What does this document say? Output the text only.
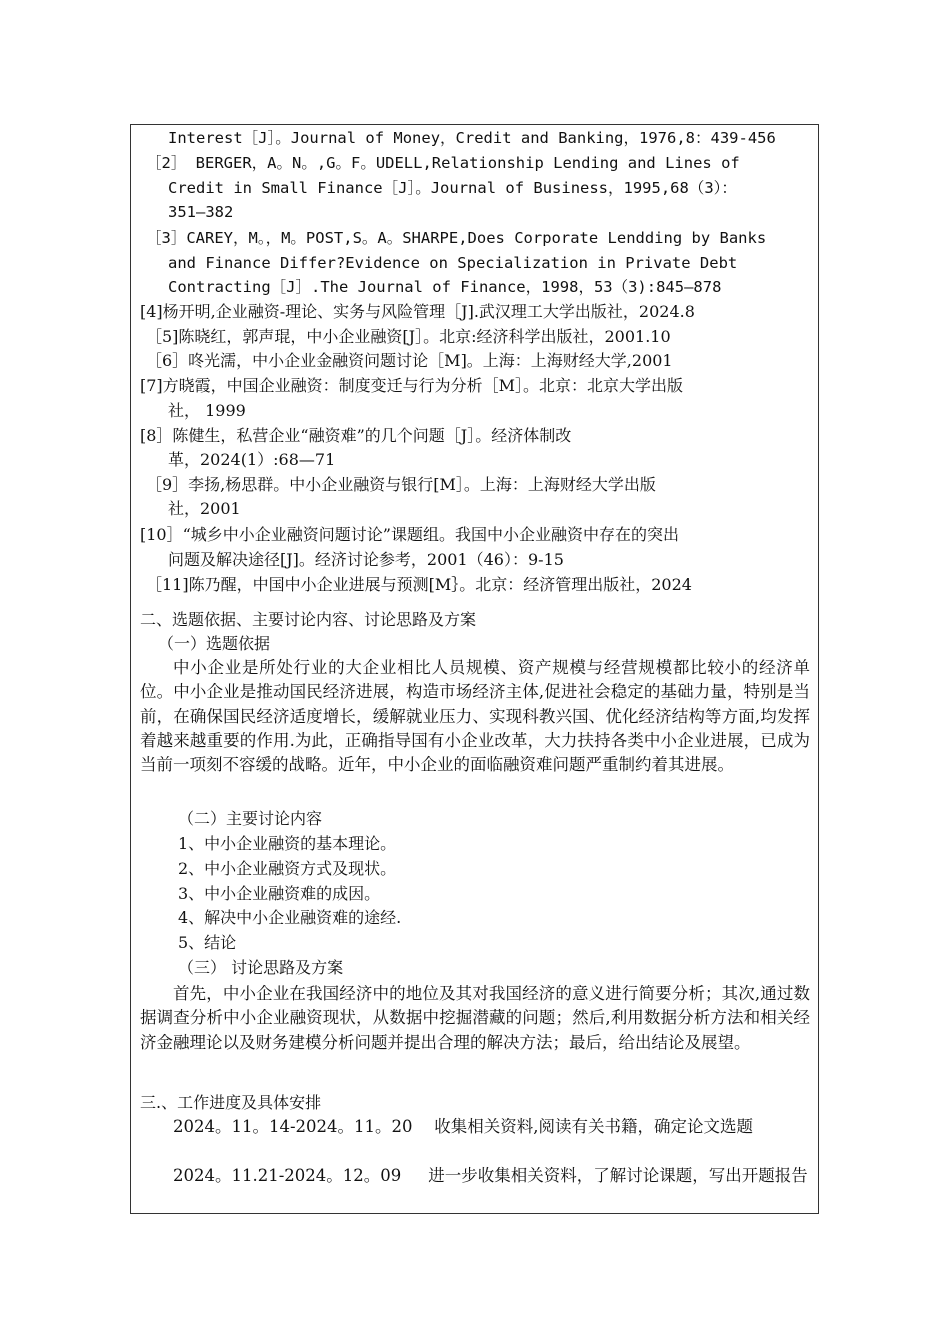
Interest［J］。Journal of Money，Credit and Banking，1976,8：439-456
［2］ BERGER，A。N。,G。F。UDELL,Relationship Lending and Lines of
Credit in Small Finance［J］。Journal of Business，1995,68（3）：
351—382
［3］CAREY，M。，M。POST,S。A。SHARPE,Does Corporate Lendding by Banks
and Finance Differ?Evidence on Specialization in Private Debt
Contracting［J］.The Journal of Finance，1998，53（3):845—878
[4]杨开明,企业融资-理论、实务与风险管理［J].武汉理工大学出版社，2024.8
［5]陈晓红，郭声琨，中小企业融资[J］。北京:经济科学出版社，2001.10
［6］咚光濡，中小企业金融资问题讨论［M]。上海：上海财经大学,2001
[7]方晓霞，中国企业融资：制度变迁与行为分析［M］。北京：北京大学出版
社， 1999
[8］陈健生，私营企业“融资难”的几个问题［J］。经济体制改
革，2024(1）:68—71
［9］李扬,杨思群。中小企业融资与银行[M］。上海：上海财经大学出版
社，2001
[10］“城乡中小企业融资问题讨论”课题组。我国中小企业融资中存在的突出
问题及解决途径[J]。经济讨论参考，2001（46）：9-15
［11]陈乃醒，中国中小企业进展与预测[M｝。北京：经济管理出版社，2024
二、选题依据、主要讨论内容、讨论思路及方案
（一）选题依据
中小企业是所处行业的大企业相比人员规模、资产规模与经营规模都比较小的经济单位。中小企业是推动国民经济进展，构造市场经济主体,促进社会稳定的基础力量，特别是当前，在确保国民经济适度增长，缓解就业压力、实现科教兴国、优化经济结构等方面,均发挥着越来越重要的作用.为此，正确指导国有小企业改革，大力扶持各类中小企业进展，已成为当前一项刻不容缓的战略。近年，中小企业的面临融资难问题严重制约着其进展。
（二）主要讨论内容
1、中小企业融资的基本理论。
2、中小企业融资方式及现状。
3、中小企业融资难的成因。
4、解决中小企业融资难的途经.
5、结论
（三） 讨论思路及方案
首先，中小企业在我国经济中的地位及其对我国经济的意义进行简要分析；其次,通过数据调查分析中小企业融资现状，从数据中挖掘潜藏的问题；然后,利用数据分析方法和相关经济金融理论以及财务建模分析问题并提出合理的解决方法；最后，给出结论及展望。
三.、工作进度及具体安排
2024。11。14-2024。11。20　 收集相关资料,阅读有关书籍，确定论文选题
2024。11.21-2024。12。09 　 进一步收集相关资料，了解讨论课题，写出开题报告
